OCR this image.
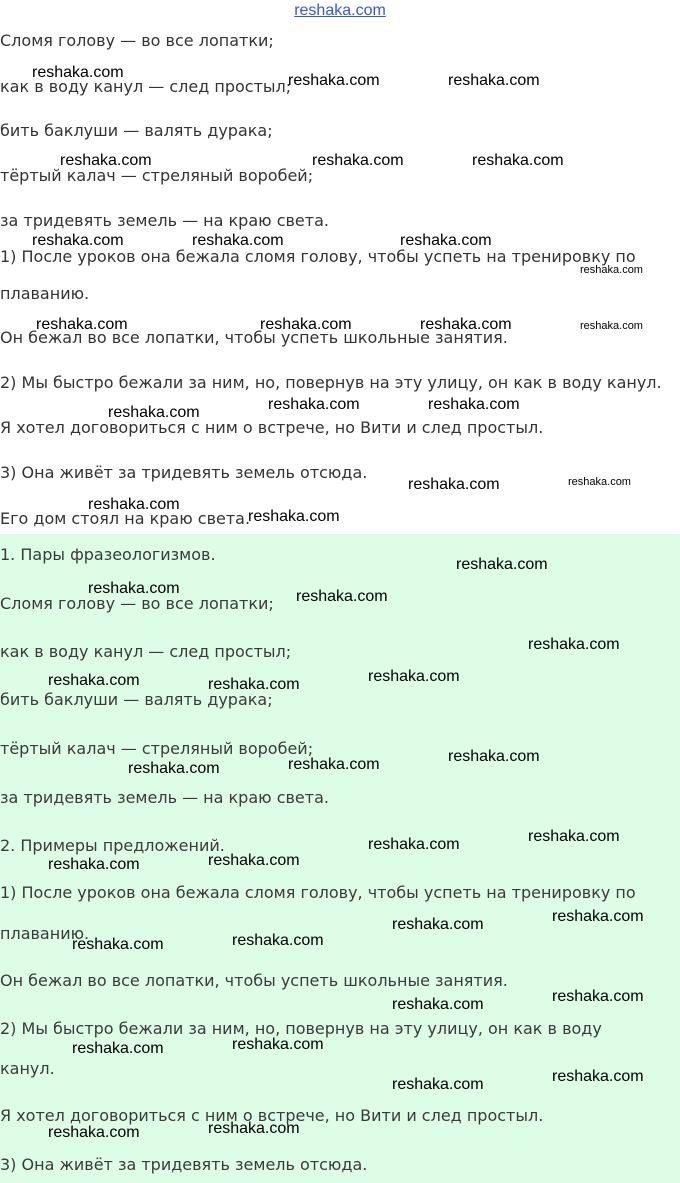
reshaka.com
Сломя голову — во все лопатки;
как в воду канул — след простыл;
бить баклуши — валять дурака;
тёртый калач — стреляный воробей;
за тридевять земель — на краю света.
1) После уроков она бежала сломя голову, чтобы успеть на тренировку по
плаванию.
Он бежал во все лопатки, чтобы успеть школьные занятия.
2) Мы быстро бежали за ним, но, повернув на эту улицу, он как в воду канул.
Я хотел договориться с ним о встрече, но Вити и след простыл.
3) Она живёт за тридевять земель отсюда.
Его дом стоял на краю света.
1. Пары фразеологизмов.
Сломя голову — во все лопатки;
как в воду канул — след простыл;
бить баклуши — валять дурака;
тёртый калач — стреляный воробей;
за тридевять земель — на краю света.
2. Примеры предложений.
1) После уроков она бежала сломя голову, чтобы успеть на тренировку по
плаванию.
Он бежал во все лопатки, чтобы успеть школьные занятия.
2) Мы быстро бежали за ним, но, повернув на эту улицу, он как в воду
канул.
Я хотел договориться с ним о встрече, но Вити и след простыл.
3) Она живёт за тридевять земель отсюда.
reshaka.com	reshaka.com	reshaka.com
reshaka.com	reshaka.com	reshaka.com
reshaka.com	reshaka.com	reshaka.com
reshaka.com
reshaka.com	reshaka.com	reshaka.com	reshaka.com
reshaka.com	reshaka.com	reshaka.com
reshaka.com	reshaka.com
reshaka.com
reshaka.com
reshaka.com
reshaka.com	reshaka.com
reshaka.com
reshaka.com
reshaka.com	reshaka.com
reshaka.com
reshaka.com
reshaka.com
reshaka.com
reshaka.com
reshaka.com
reshaka.com
reshaka.com
reshaka.com
reshaka.com
reshaka.com
reshaka.com
reshaka.com
reshaka.com
reshaka.com
reshaka.com
reshaka.com
reshaka.com
reshaka.com
